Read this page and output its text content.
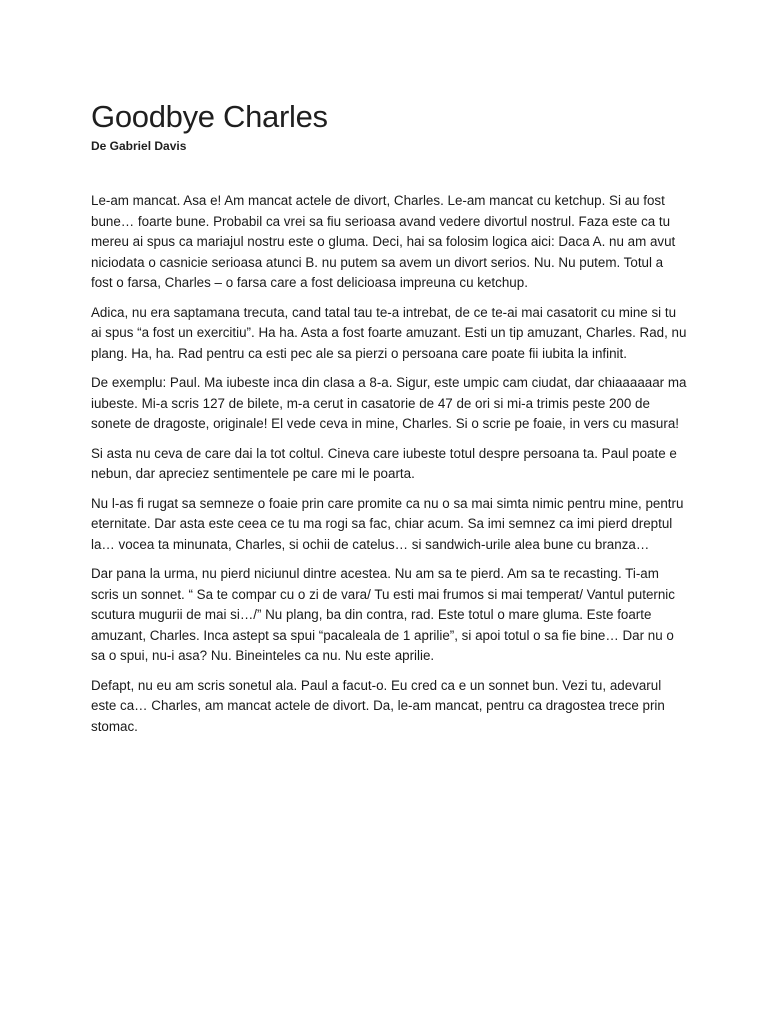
Goodbye Charles
De Gabriel Davis

Le-am mancat. Asa e! Am mancat actele de divort, Charles. Le-am mancat cu ketchup. Si au fost bune… foarte bune. Probabil ca vrei sa fiu serioasa avand vedere divortul nostrul. Faza este ca tu mereu ai spus ca mariajul nostru este o gluma. Deci, hai sa folosim logica aici: Daca A. nu am avut niciodata o casnicie serioasa atunci B. nu putem sa avem un divort serios. Nu. Nu putem. Totul a fost o farsa, Charles – o farsa care a fost delicioasa impreuna cu ketchup.

Adica, nu era saptamana trecuta, cand tatal tau te-a intrebat, de ce te-ai mai casatorit cu mine si tu ai spus “a fost un exercitiu”. Ha ha. Asta a fost foarte amuzant. Esti un tip amuzant, Charles. Rad, nu plang. Ha, ha. Rad pentru ca esti pec ale sa pierzi o persoana care poate fii iubita la infinit.

De exemplu: Paul. Ma iubeste inca din clasa a 8-a. Sigur, este umpic cam ciudat, dar chiaaaaaar ma iubeste. Mi-a scris 127 de bilete, m-a cerut in casatorie de 47 de ori si mi-a trimis peste 200 de sonete de dragoste, originale! El vede ceva in mine, Charles. Si o scrie pe foaie, in vers cu masura!

Si asta nu ceva de care dai la tot coltul. Cineva care iubeste totul despre persoana ta. Paul poate e nebun, dar apreciez sentimentele pe care mi le poarta.

Nu l-as fi rugat sa semneze o foaie prin care promite ca nu o sa mai simta nimic pentru mine, pentru eternitate. Dar asta este ceea ce tu ma rogi sa fac, chiar acum. Sa imi semnez ca imi pierd dreptul la… vocea ta minunata, Charles, si ochii de catelus… si sandwich-urile alea bune cu branza…

Dar pana la urma, nu pierd niciunul dintre acestea. Nu am sa te pierd. Am sa te recasting. Ti-am scris un sonnet. “ Sa te compar cu o zi de vara/ Tu esti mai frumos si mai temperat/ Vantul puternic scutura mugurii de mai si…/” Nu plang, ba din contra, rad. Este totul o mare gluma. Este foarte amuzant, Charles. Inca astept sa spui “pacaleala de 1 aprilie”, si apoi totul o sa fie bine… Dar nu o sa o spui, nu-i asa? Nu. Bineinteles ca nu. Nu este aprilie.

Defapt, nu eu am scris sonetul ala. Paul a facut-o. Eu cred ca e un sonnet bun. Vezi tu, adevarul este ca… Charles, am mancat actele de divort. Da, le-am mancat, pentru ca dragostea trece prin stomac.
